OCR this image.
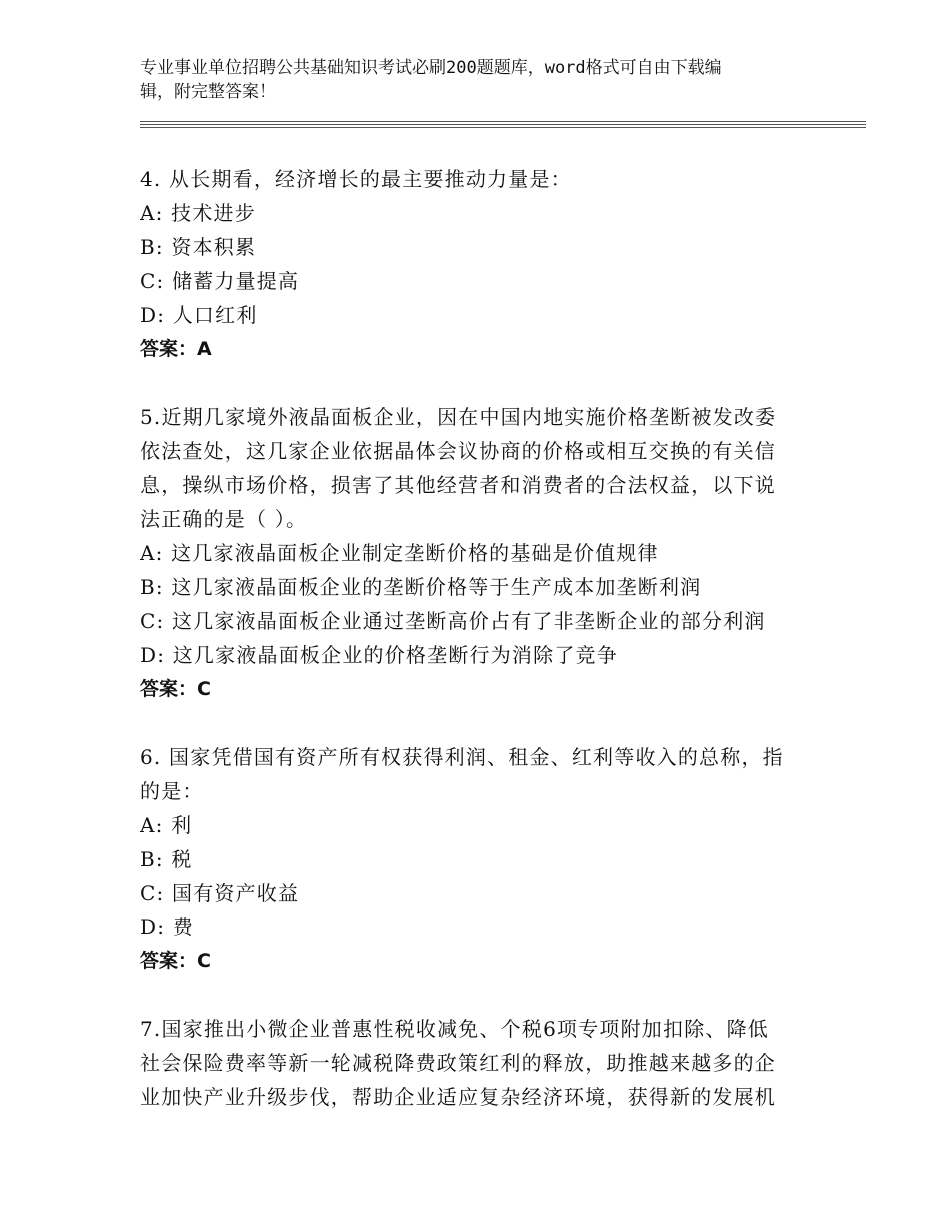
专业事业单位招聘公共基础知识考试必刷200题题库，word格式可自由下载编
辑，附完整答案！
4. 从长期看，经济增长的最主要推动力量是：
A: 技术进步
B: 资本积累
C: 储蓄力量提高
D: 人口红利
答案：A
5.近期几家境外液晶面板企业，因在中国内地实施价格垄断被发改委
依法查处，这几家企业依据晶体会议协商的价格或相互交换的有关信
息，操纵市场价格，损害了其他经营者和消费者的合法权益，以下说
法正确的是（ ）。
A: 这几家液晶面板企业制定垄断价格的基础是价值规律
B: 这几家液晶面板企业的垄断价格等于生产成本加垄断利润
C: 这几家液晶面板企业通过垄断高价占有了非垄断企业的部分利润
D: 这几家液晶面板企业的价格垄断行为消除了竞争
答案：C
6. 国家凭借国有资产所有权获得利润、租金、红利等收入的总称，指
的是：
A: 利
B: 税
C: 国有资产收益
D: 费
答案：C
7.国家推出小微企业普惠性税收减免、个税6项专项附加扣除、降低
社会保险费率等新一轮减税降费政策红利的释放，助推越来越多的企
业加快产业升级步伐，帮助企业适应复杂经济环境，获得新的发展机
